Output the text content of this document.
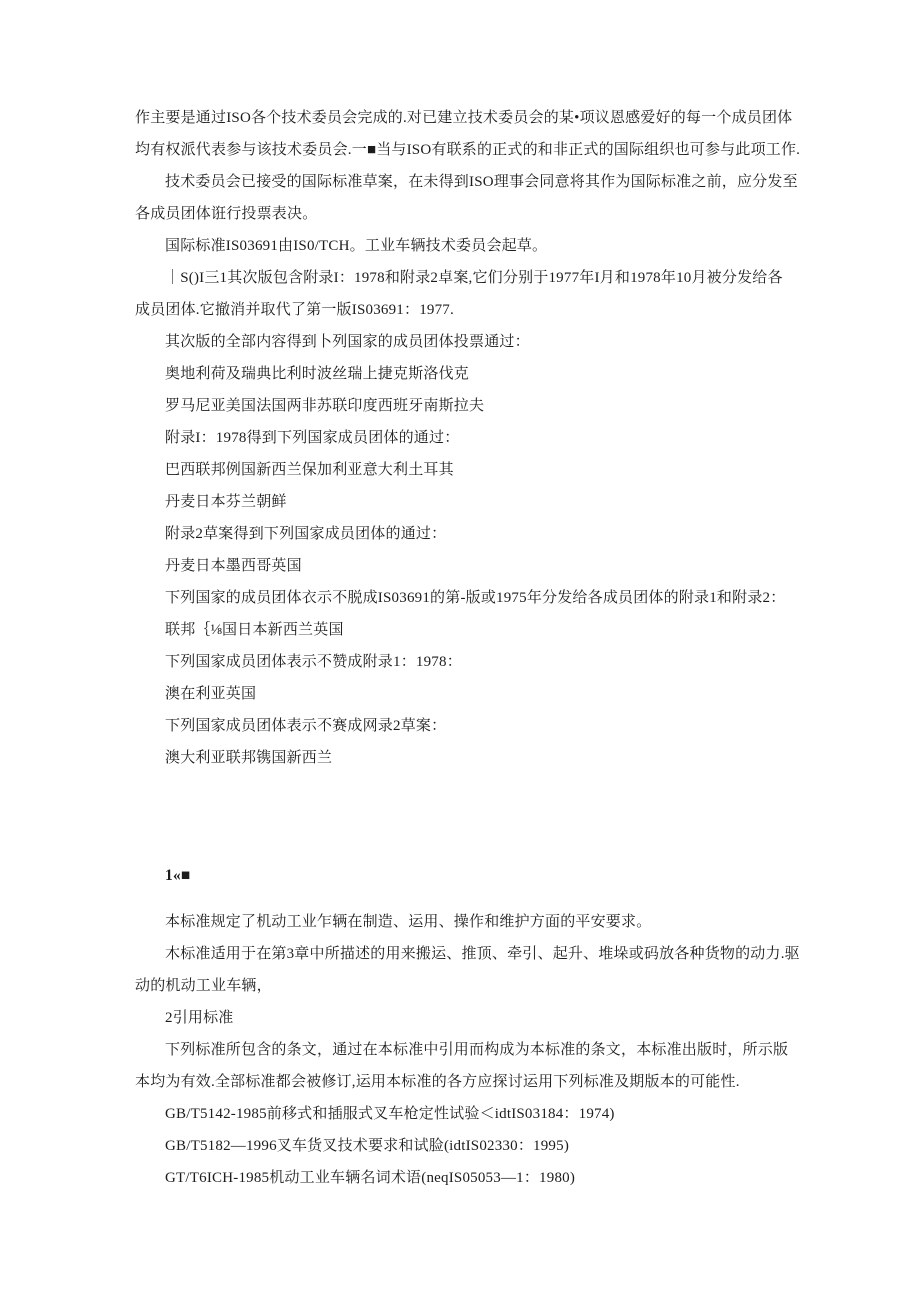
作主要是通过ISO各个技术委员会完成的.对已建立技术委员会的某•项议恩感爱好的每一个成员团体
均有权派代表参与该技术委员会.一■当与ISO有联系的正式的和非正式的国际组织也可参与此项工作.
技术委员会已接受的国际标准草案，在未得到ISO理事会同意将其作为国际标准之前，应分发至
各成员团体诳行投票表决。
国际标准IS03691由IS0/TCH。工业车辆技术委员会起草。
｜S()I三1其次版包含附录I：1978和附录2卓案,它们分别于1977年I月和1978年10月被分发给各
成员团体.它撤消并取代了第一版IS03691：1977.
其次版的全部内容得到卜列国家的成员团体投票通过：
奥地利荷及瑞典比利时波丝瑞上捷克斯洛伐克
罗马尼亚美国法国两非苏联印度西班牙南斯拉夫
附录I：1978得到下列国家成员团体的通过：
巴西联邦例国新西兰保加利亚意大利土耳其
丹麦日本芬兰朝鲜
附录2草案得到下列国家成员团体的通过：
丹麦日本墨西哥英国
下列国家的成员团体衣示不脱成IS03691的第-版或1975年分发给各成员团体的附录1和附录2：
联邦｛⅛国日本新西兰英国
下列国家成员团体表示不赞成附录1：1978：
澳在利亚英国
下列国家成员团体表示不赛成网录2草案：
澳大利亚联邦镌国新西兰
1«■
本标准规定了机动工业乍辆在制造、运用、操作和维护方面的平安要求。
木标准适用于在第3章中所描述的用来搬运、推顶、牵引、起升、堆垛或码放各种货物的动力.驱
动的机动工业车辆，
2引用标准
下列标准所包含的条文，通过在本标准中引用而构成为本标准的条文，本标准出版时，所示版
本均为有效.全部标准都会被修订,运用本标准的各方应探讨运用下列标准及期版本的可能性.
GB/T5142-1985前移式和插服式叉车枪定性试验＜idtIS03184：1974)
GB/T5182—1996叉车货叉技术要求和试脸(idtIS02330：1995)
GT/T6ICH-1985机动工业车辆名词术语(neqIS05053—1：1980)
